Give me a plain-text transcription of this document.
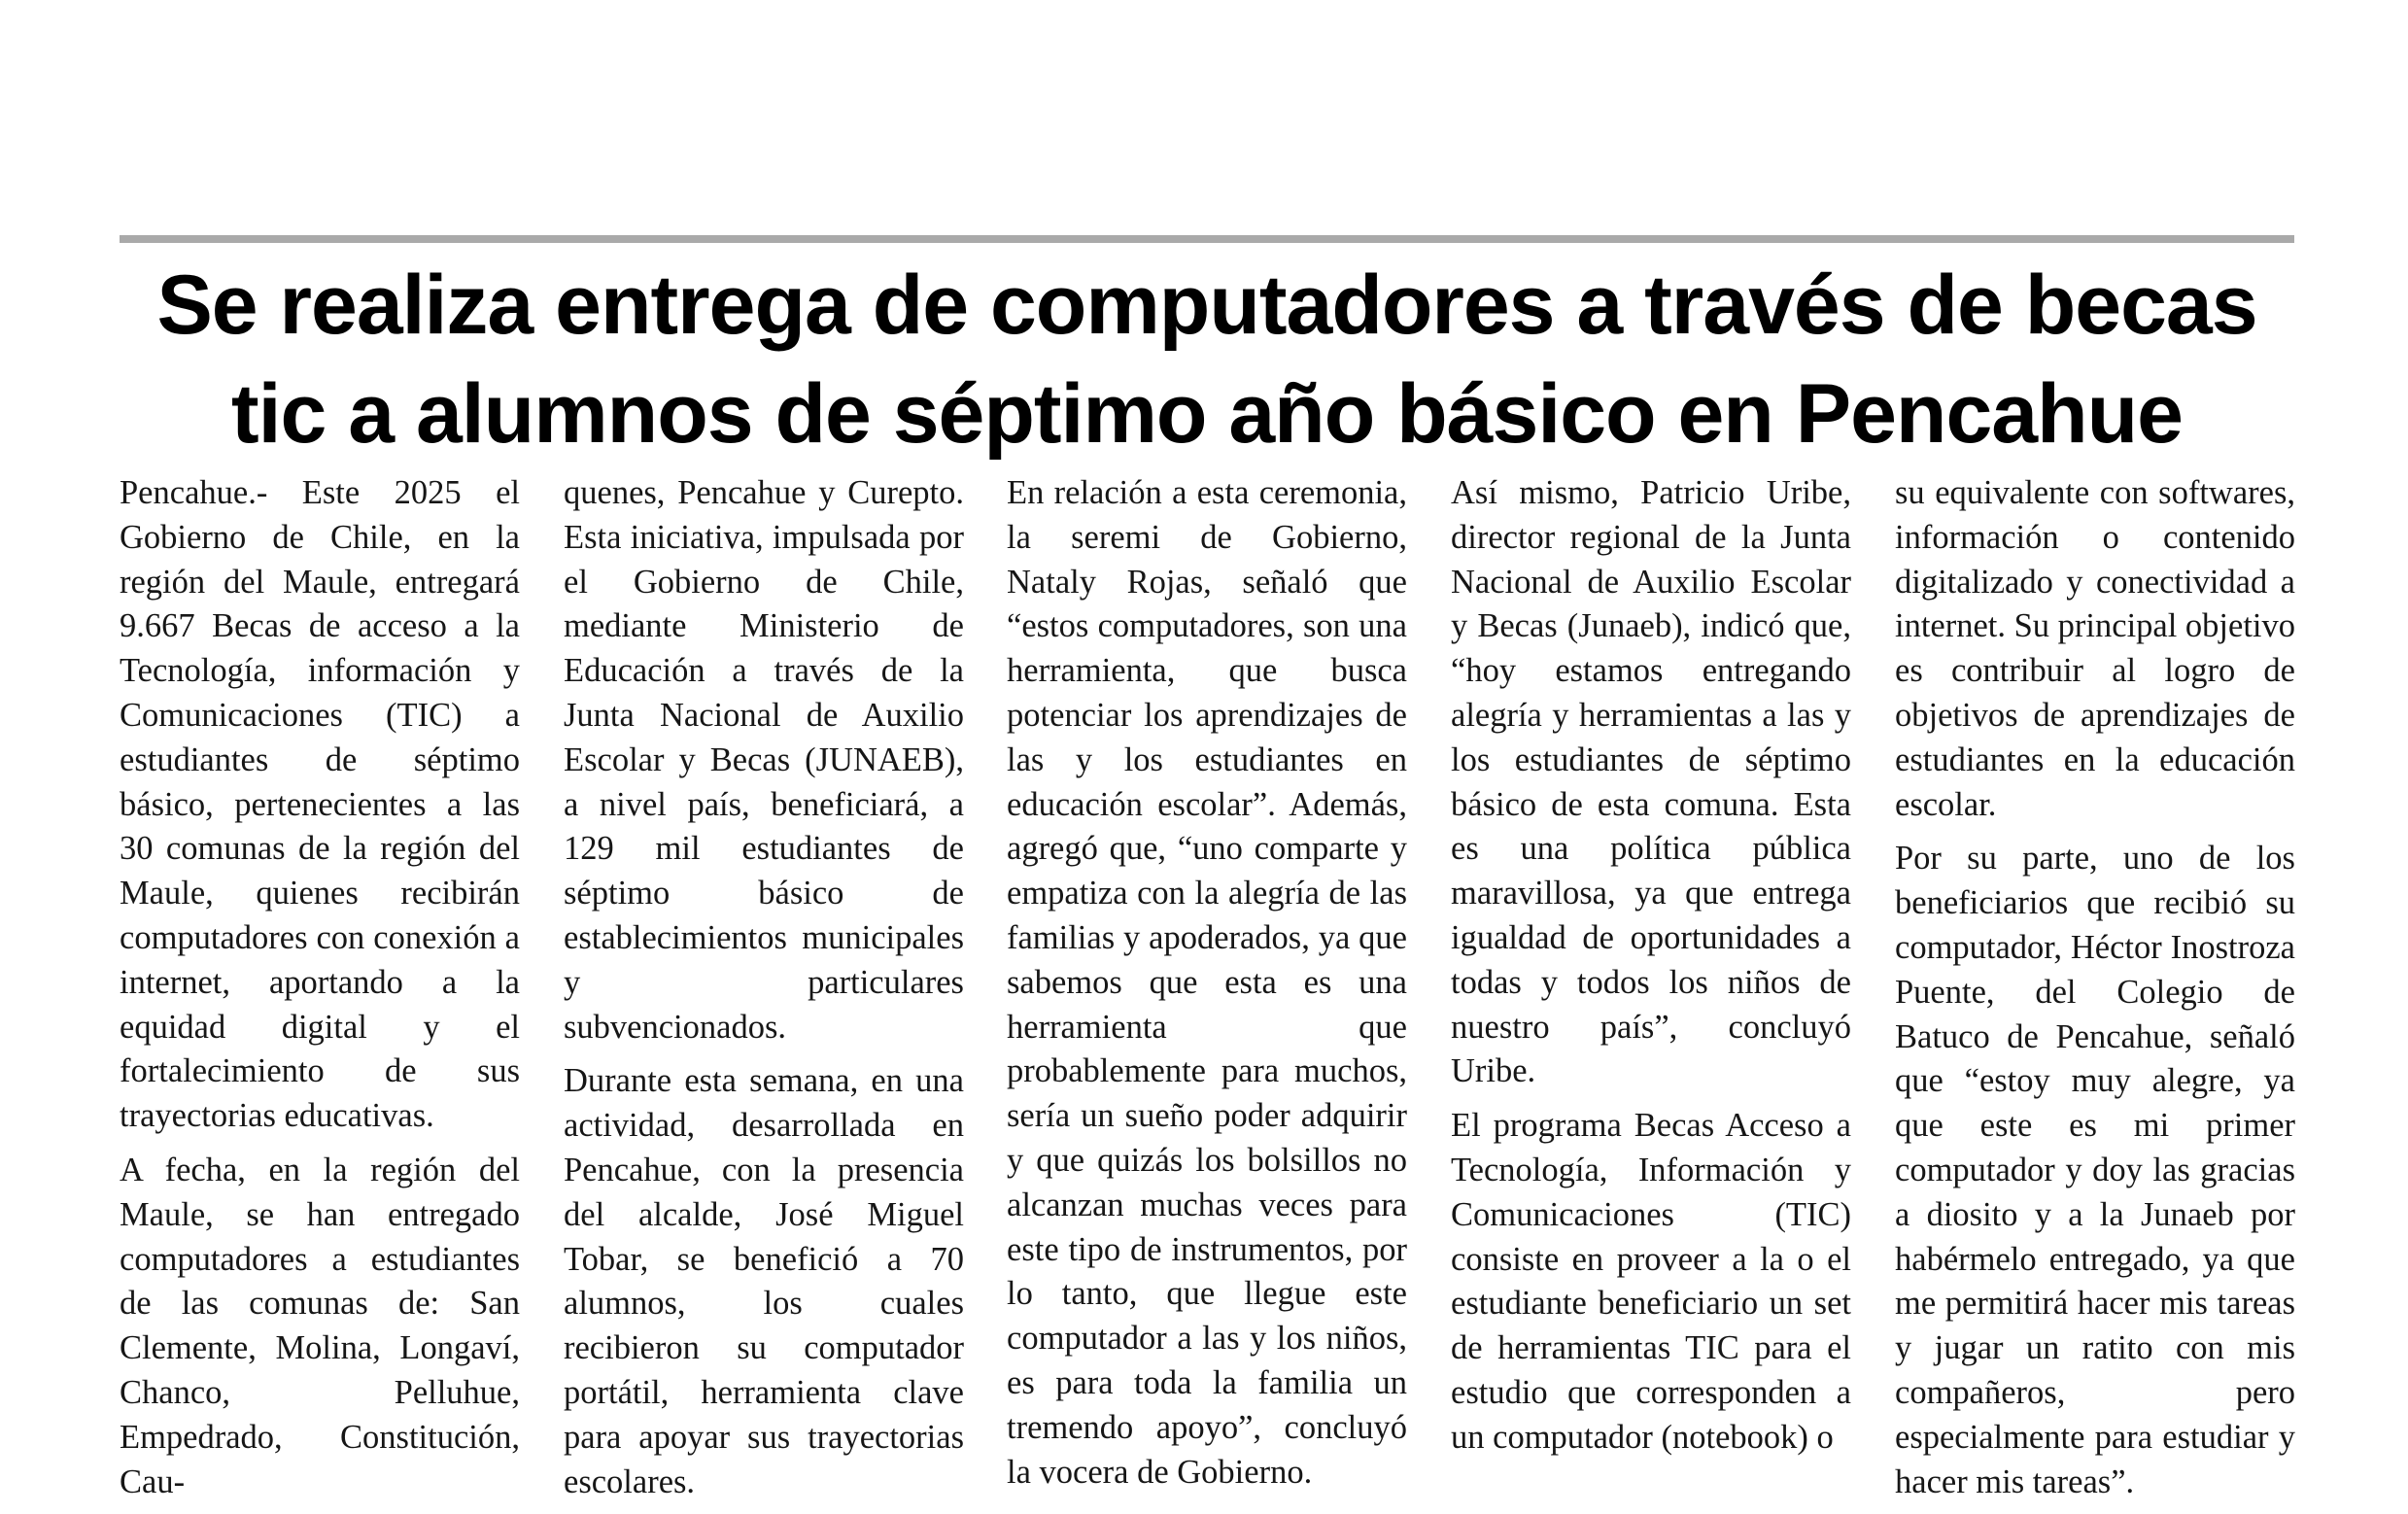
Se realiza entrega de computadores a través de becas
tic a alumnos de séptimo año básico en Pencahue

Pencahue.- Este 2025 el Gobierno de Chile, en la región del Maule, entregará 9.667 Becas de acceso a la Tecnología, información y Comunicaciones (TIC) a estudiantes de séptimo básico, pertenecientes a las 30 comunas de la región del Maule, quienes recibirán computadores con conexión a internet, aportando a la equidad digital y el fortalecimiento de sus trayectorias educativas.

A fecha, en la región del Maule, se han entregado computadores a estudiantes de las comunas de: San Clemente, Molina, Longaví, Chanco, Pelluhue, Empedrado, Constitución, Cau-

quenes, Pencahue y Curepto. Esta iniciativa, impulsada por el Gobierno de Chile, mediante Ministerio de Educación a través de la Junta Nacional de Auxilio Escolar y Becas (JUNAEB), a nivel país, beneficiará, a 129 mil estudiantes de séptimo básico de establecimientos municipales y particulares subvencionados.

Durante esta semana, en una actividad, desarrollada en Pencahue, con la presencia del alcalde, José Miguel Tobar, se benefició a 70 alumnos, los cuales recibieron su computador portátil, herramienta clave para apoyar sus trayectorias escolares.

En relación a esta ceremonia, la seremi de Gobierno, Nataly Rojas, señaló que “estos computadores, son una herramienta, que busca potenciar los aprendizajes de las y los estudiantes en educación escolar”. Además, agregó que, “uno comparte y empatiza con la alegría de las familias y apoderados, ya que sabemos que esta es una herramienta que probablemente para muchos, sería un sueño poder adquirir y que quizás los bolsillos no alcanzan muchas veces para este tipo de instrumentos, por lo tanto, que llegue este computador a las y los niños, es para toda la familia un tremendo apoyo”, concluyó la vocera de Gobierno.

Así mismo, Patricio Uribe, director regional de la Junta Nacional de Auxilio Escolar y Becas (Junaeb), indicó que, “hoy estamos entregando alegría y herramientas a las y los estudiantes de séptimo básico de esta comuna. Esta es una política pública maravillosa, ya que entrega igualdad de oportunidades a todas y todos los niños de nuestro país”, concluyó Uribe.

El programa Becas Acceso a Tecnología, Información y Comunicaciones (TIC) consiste en proveer a la o el estudiante beneficiario un set de herramientas TIC para el estudio que corresponden a un computador (notebook) o

su equivalente con softwares, información o contenido digitalizado y conectividad a internet. Su principal objetivo es contribuir al logro de objetivos de aprendizajes de estudiantes en la educación escolar.

Por su parte, uno de los beneficiarios que recibió su computador, Héctor Inostroza Puente, del Colegio de Batuco de Pencahue, señaló que “estoy muy alegre, ya que este es mi primer computador y doy las gracias a diosito y a la Junaeb por habérmelo entregado, ya que me permitirá hacer mis tareas y jugar un ratito con mis compañeros, pero especialmente para estudiar y hacer mis tareas”.
